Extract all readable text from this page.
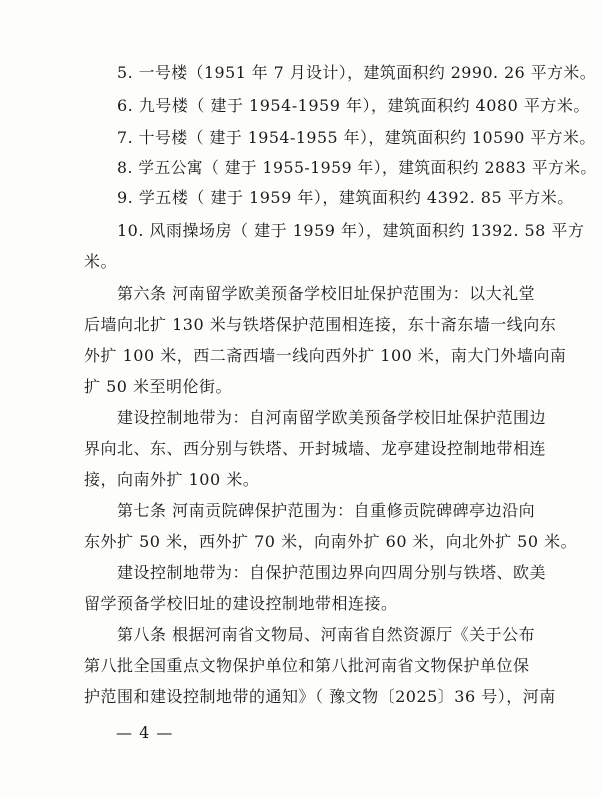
5. 一号楼（1951 年 7 月设计），建筑面积约 2990. 26 平方米。
6. 九号楼（ 建于 1954-1959 年），建筑面积约 4080 平方米。
7. 十号楼（ 建于 1954-1955 年），建筑面积约 10590 平方米。
8. 学五公寓（ 建于 1955-1959 年），建筑面积约 2883 平方米。
9. 学五楼（ 建于 1959 年），建筑面积约 4392. 85 平方米。
10. 风雨操场房（ 建于 1959 年），建筑面积约 1392. 58 平方
米。
第六条 河南留学欧美预备学校旧址保护范围为：以大礼堂
后墙向北扩 130 米与铁塔保护范围相连接，东十斋东墙一线向东
外扩 100 米，西二斋西墙一线向西外扩 100 米，南大门外墙向南
扩 50 米至明伦街。
建设控制地带为：自河南留学欧美预备学校旧址保护范围边
界向北、东、西分别与铁塔、开封城墙、龙亭建设控制地带相连
接，向南外扩 100 米。
第七条 河南贡院碑保护范围为：自重修贡院碑碑亭边沿向
东外扩 50 米，西外扩 70 米，向南外扩 60 米，向北外扩 50 米。
建设控制地带为：自保护范围边界向四周分别与铁塔、欧美
留学预备学校旧址的建设控制地带相连接。
第八条 根据河南省文物局、河南省自然资源厅《关于公布
第八批全国重点文物保护单位和第八批河南省文物保护单位保
护范围和建设控制地带的通知》（ 豫文物〔2025〕36 号），河南
— 4 —
